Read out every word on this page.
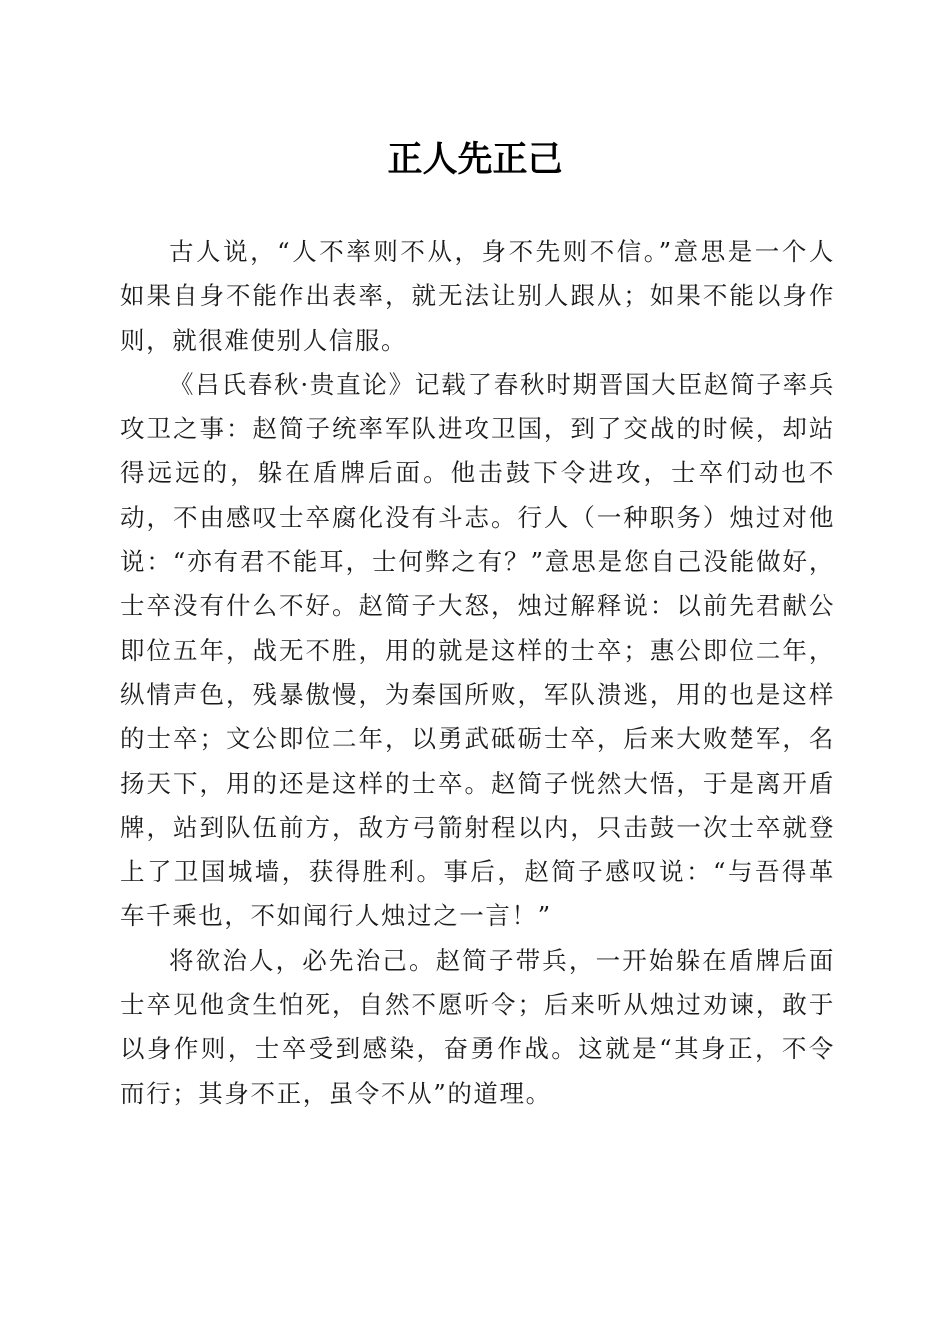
正人先正己

古人说，“人不率则不从，身不先则不信。”意思是一个人如果自身不能作出表率，就无法让别人跟从；如果不能以身作则，就很难使别人信服。

《吕氏春秋·贵直论》记载了春秋时期晋国大臣赵简子率兵攻卫之事：赵简子统率军队进攻卫国，到了交战的时候，却站得远远的，躲在盾牌后面。他击鼓下令进攻，士卒们动也不动，不由感叹士卒腐化没有斗志。行人（一种职务）烛过对他说：“亦有君不能耳，士何弊之有？”意思是您自己没能做好，士卒没有什么不好。赵简子大怒，烛过解释说：以前先君献公即位五年，战无不胜，用的就是这样的士卒；惠公即位二年，纵情声色，残暴傲慢，为秦国所败，军队溃逃，用的也是这样的士卒；文公即位二年，以勇武砥砺士卒，后来大败楚军，名扬天下，用的还是这样的士卒。赵简子恍然大悟，于是离开盾牌，站到队伍前方，敌方弓箭射程以内，只击鼓一次士卒就登上了卫国城墙，获得胜利。事后，赵简子感叹说：“与吾得革车千乘也，不如闻行人烛过之一言！”

将欲治人，必先治己。赵简子带兵，一开始躲在盾牌后面士卒见他贪生怕死，自然不愿听令；后来听从烛过劝谏，敢于以身作则，士卒受到感染，奋勇作战。这就是“其身正，不令而行；其身不正，虽令不从”的道理。
